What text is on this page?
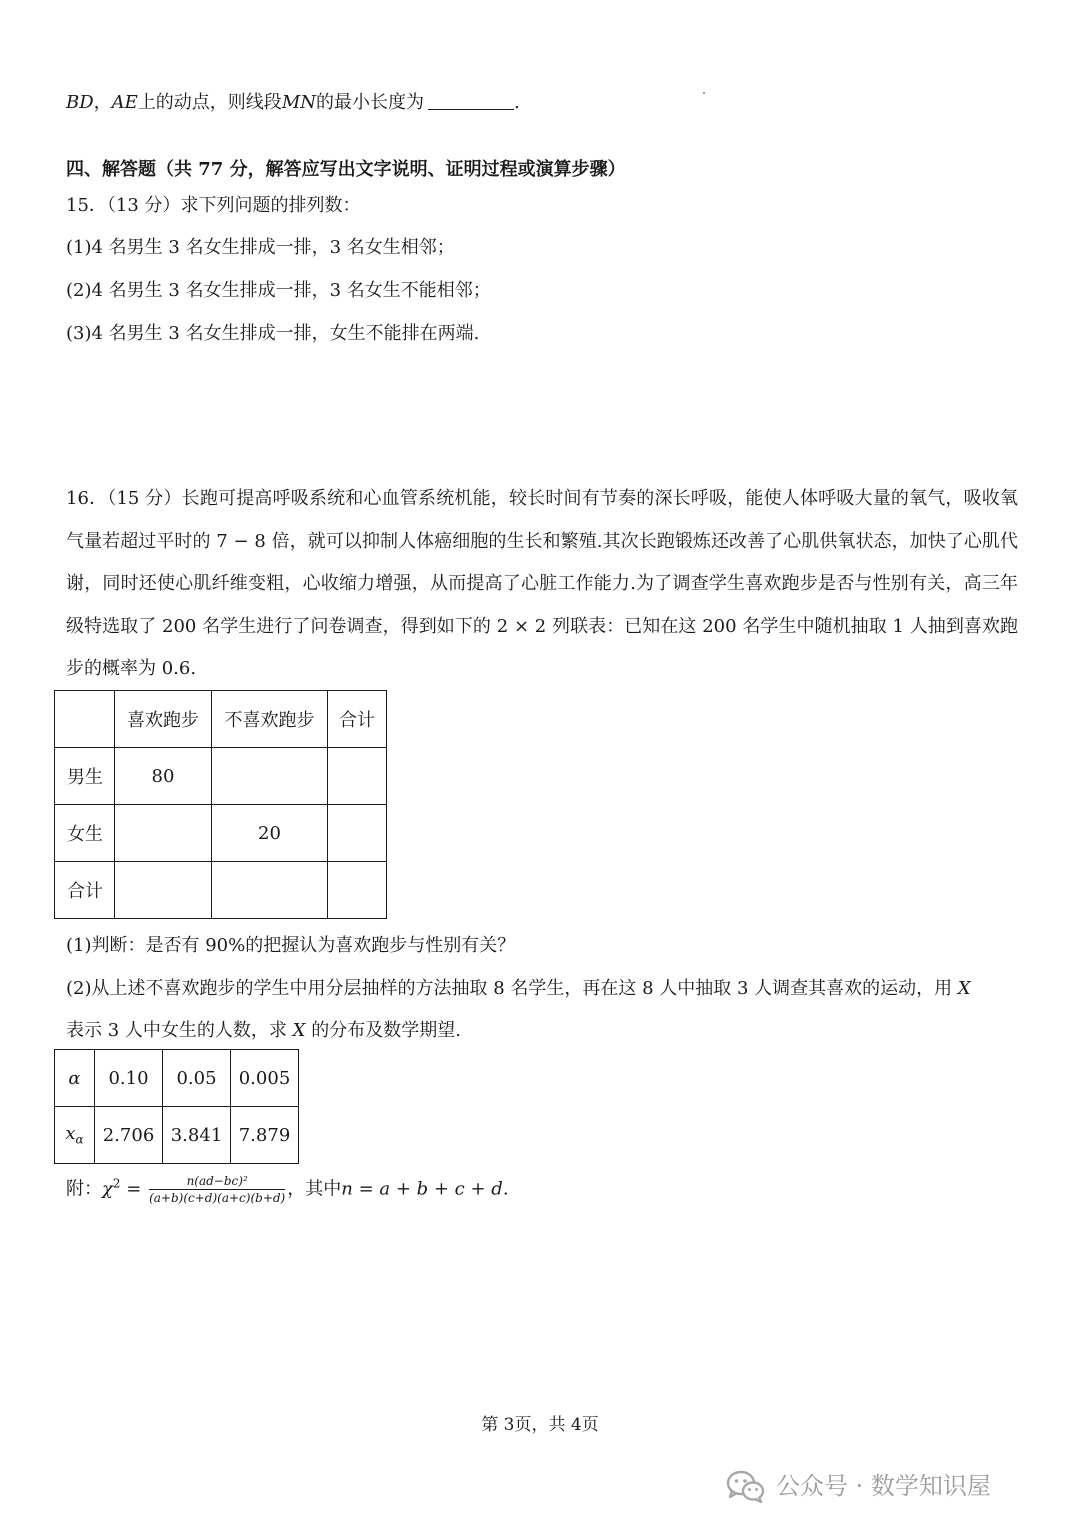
BD，AE上的动点，则线段MN的最小长度为	.
四、解答题（共 77 分，解答应写出文字说明、证明过程或演算步骤）
15．（13 分）求下列问题的排列数：
(1)4 名男生 3 名女生排成一排，3 名女生相邻；
(2)4 名男生 3 名女生排成一排，3 名女生不能相邻；
(3)4 名男生 3 名女生排成一排，女生不能排在两端.
16．（15 分）长跑可提高呼吸系统和心血管系统机能，较长时间有节奏的深长呼吸，能使人体呼吸大量的氧气，吸收氧气量若超过平时的 7 − 8 倍，就可以抑制人体癌细胞的生长和繁殖.其次长跑锻炼还改善了心肌供氧状态，加快了心肌代谢，同时还使心肌纤维变粗，心收缩力增强，从而提高了心脏工作能力.为了调查学生喜欢跑步是否与性别有关，高三年级特选取了 200 名学生进行了问卷调查，得到如下的 2 × 2 列联表：已知在这 200 名学生中随机抽取 1 人抽到喜欢跑步的概率为 0.6.
	喜欢跑步	不喜欢跑步	合计
男生	80		
女生		20	
合计			
(1)判断：是否有 90%的把握认为喜欢跑步与性别有关？
(2)从上述不喜欢跑步的学生中用分层抽样的方法抽取 8 名学生，再在这 8 人中抽取 3 人调查其喜欢的运动，用 X
表示 3 人中女生的人数，求 X 的分布及数学期望.
α	0.10	0.05	0.005
$x_\alpha$	2.706	3.841	7.879
附：$\chi^2 = \frac{\text{n(ad−bc)²}}{(a+b)(c+d)(a+c)(b+d)}$ ，其中n = a + b + c + d.
第 3页，共 4页
公众号 · 数学知识屋
